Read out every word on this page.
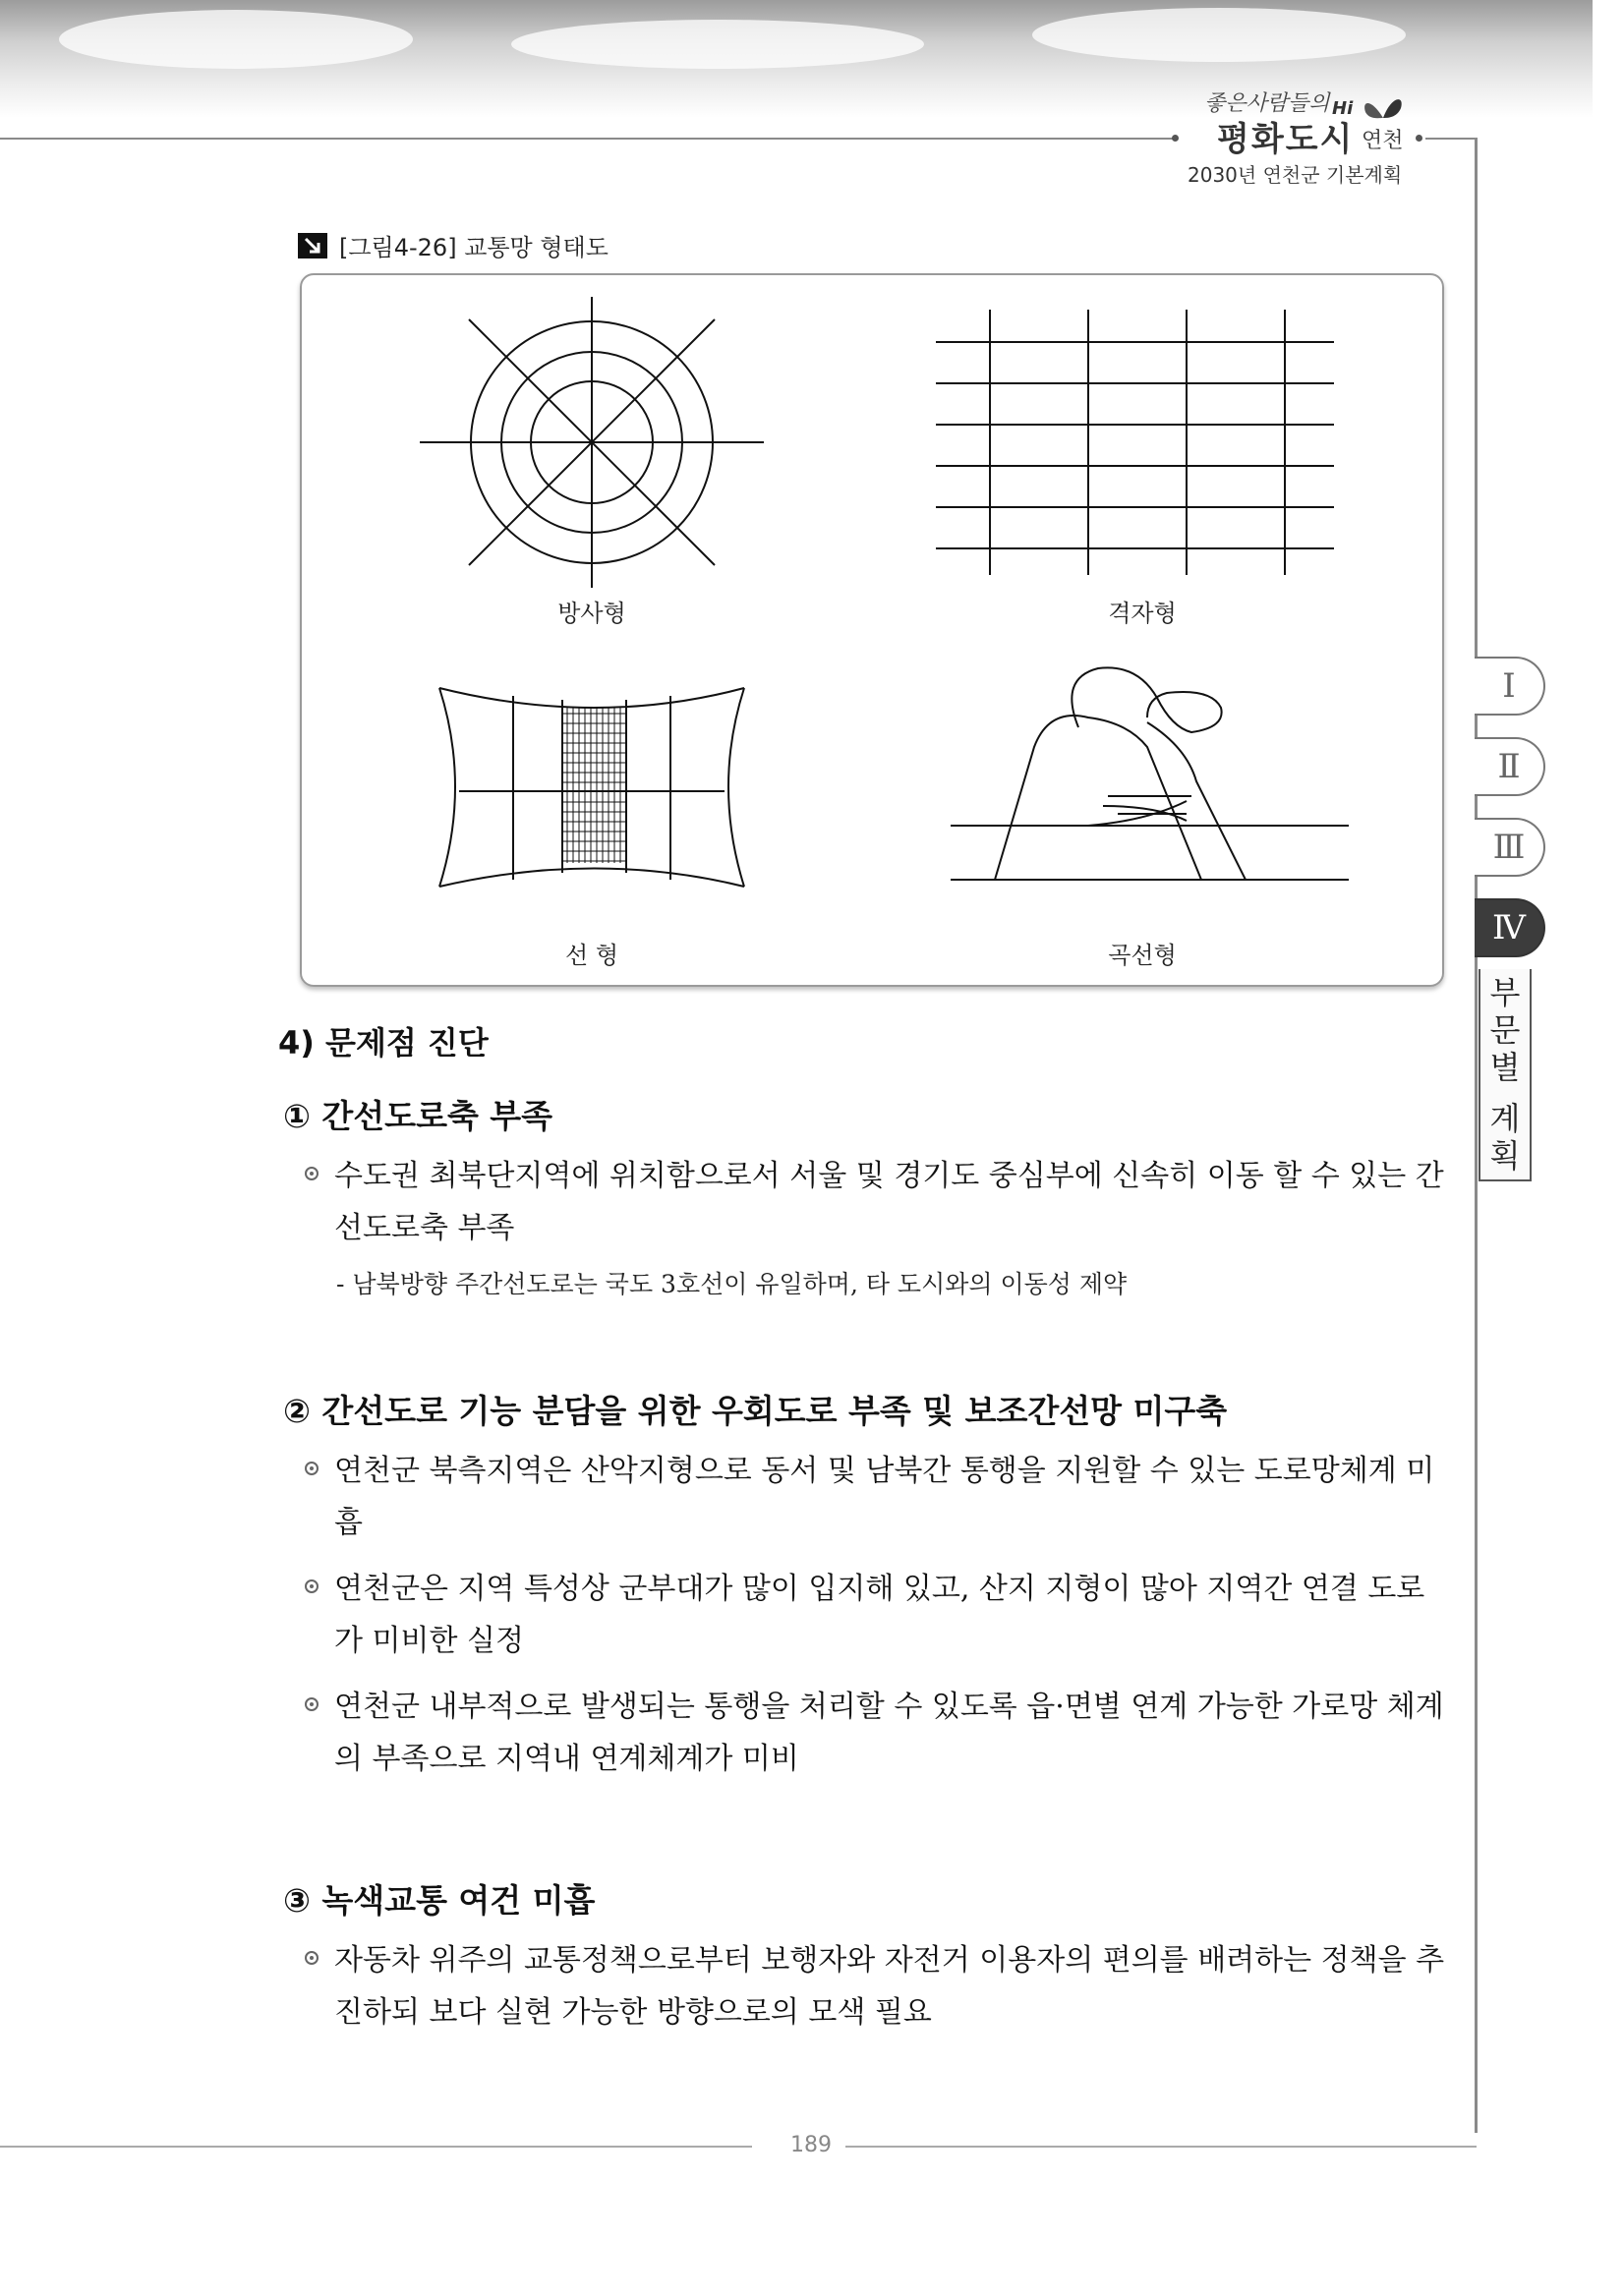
좋은사람들의
평화도시
Hi
연천
2030년 연천군 기본계획
[그림4-26] 교통망 형태도
방사형	격자형
선 형	곡선형
Ⅰ
Ⅱ
Ⅲ
Ⅳ
부
문
별
계
획
4) 문제점 진단
① 간선도로축 부족
수도권 최북단지역에 위치함으로서 서울 및 경기도 중심부에 신속히 이동 할 수 있는 간선도로축 부족
- 남북방향 주간선도로는 국도 3호선이 유일하며, 타 도시와의 이동성 제약
② 간선도로 기능 분담을 위한 우회도로 부족 및 보조간선망 미구축
연천군 북측지역은 산악지형으로 동서 및 남북간 통행을 지원할 수 있는 도로망체계 미흡
연천군은 지역 특성상 군부대가 많이 입지해 있고, 산지 지형이 많아 지역간 연결 도로가 미비한 실정
연천군 내부적으로 발생되는 통행을 처리할 수 있도록 읍·면별 연계 가능한 가로망 체계의 부족으로 지역내 연계체계가 미비
③ 녹색교통 여건 미흡
자동차 위주의 교통정책으로부터 보행자와 자전거 이용자의 편의를 배려하는 정책을 추진하되 보다 실현 가능한 방향으로의 모색 필요
189
